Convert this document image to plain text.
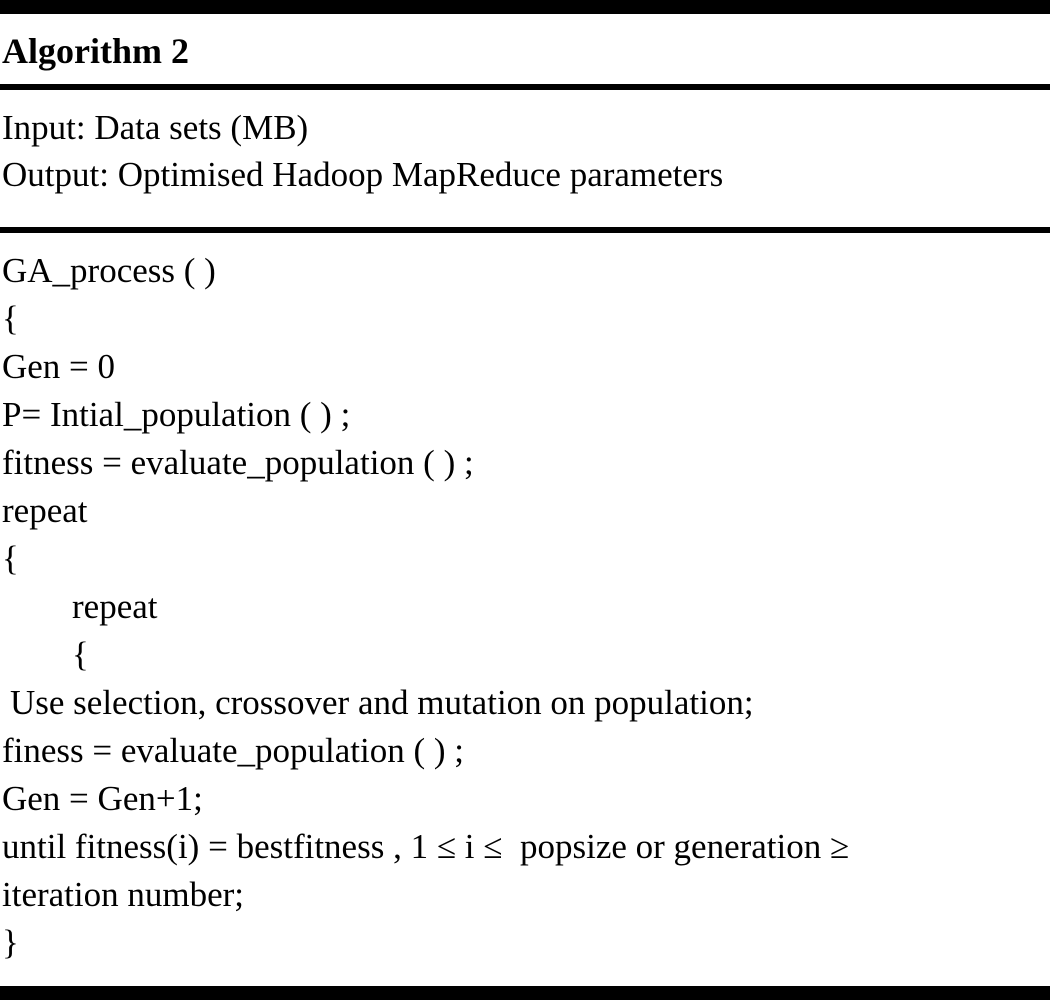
Algorithm 2
Input: Data sets (MB)
Output: Optimised Hadoop MapReduce parameters
GA_process ( )
{
Gen = 0
P= Intial_population ( ) ;
fitness = evaluate_population ( ) ;
repeat
{
repeat
{
Use selection, crossover and mutation on population;
finess = evaluate_population ( ) ;
Gen = Gen+1;
until fitness(i) = bestfitness , 1 ≤ i ≤  popsize or generation ≥
iteration number;
}
